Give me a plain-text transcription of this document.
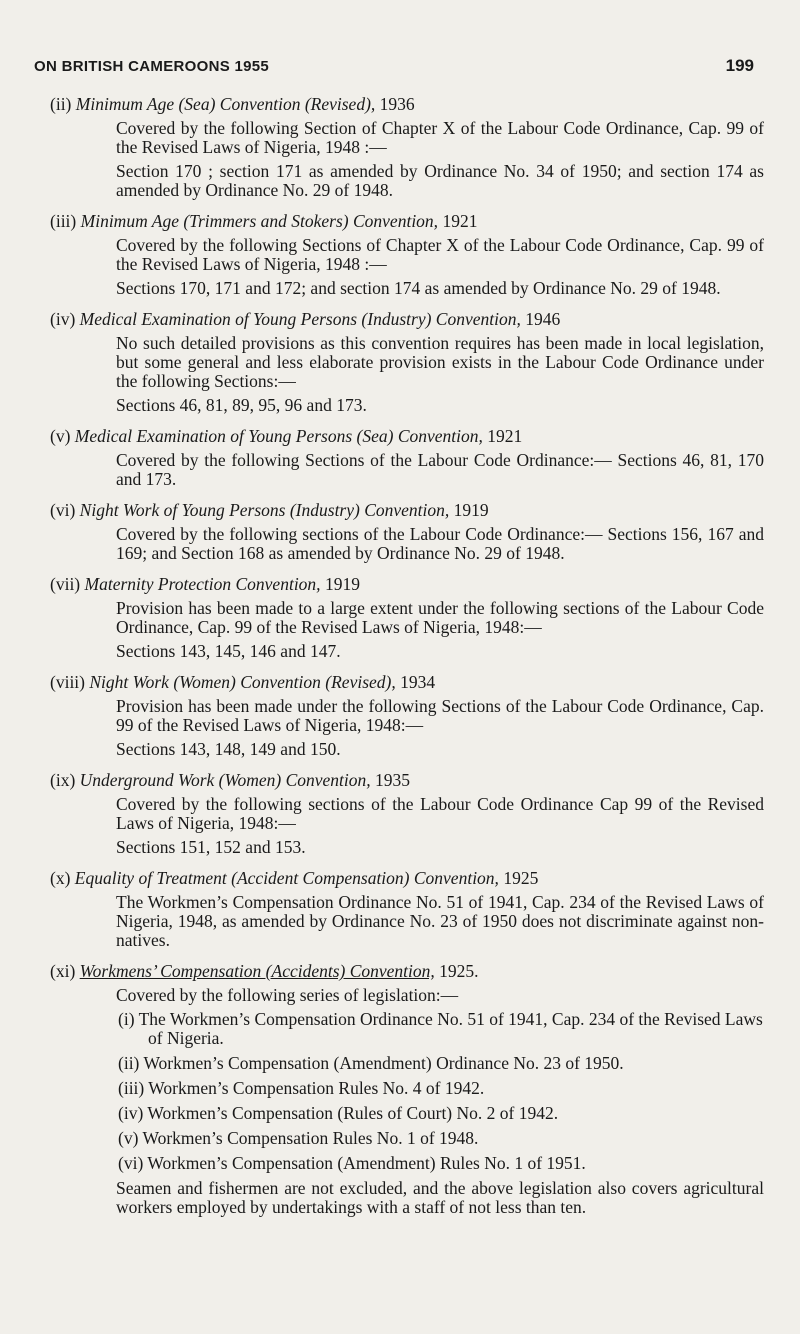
ON BRITISH CAMEROONS 1955	199
(ii) Minimum Age (Sea) Convention (Revised), 1936

Covered by the following Section of Chapter X of the Labour Code Ordinance, Cap. 99 of the Revised Laws of Nigeria, 1948 :—

Section 170 ; section 171 as amended by Ordinance No. 34 of 1950; and section 174 as amended by Ordinance No. 29 of 1948.

(iii) Minimum Age (Trimmers and Stokers) Convention, 1921

Covered by the following Sections of Chapter X of the Labour Code Ordinance, Cap. 99 of the Revised Laws of Nigeria, 1948 :—

Sections 170, 171 and 172; and section 174 as amended by Ordinance No. 29 of 1948.

(iv) Medical Examination of Young Persons (Industry) Convention, 1946

No such detailed provisions as this convention requires has been made in local legislation, but some general and less elaborate provision exists in the Labour Code Ordinance under the following Sections:—

Sections 46, 81, 89, 95, 96 and 173.

(v) Medical Examination of Young Persons (Sea) Convention, 1921

Covered by the following Sections of the Labour Code Ordinance:— Sections 46, 81, 170 and 173.

(vi) Night Work of Young Persons (Industry) Convention, 1919

Covered by the following sections of the Labour Code Ordinance:— Sections 156, 167 and 169; and Section 168 as amended by Ordinance No. 29 of 1948.

(vii) Maternity Protection Convention, 1919

Provision has been made to a large extent under the following sections of the Labour Code Ordinance, Cap. 99 of the Revised Laws of Nigeria, 1948:—

Sections 143, 145, 146 and 147.

(viii) Night Work (Women) Convention (Revised), 1934

Provision has been made under the following Sections of the Labour Code Ordinance, Cap. 99 of the Revised Laws of Nigeria, 1948:—

Sections 143, 148, 149 and 150.

(ix) Underground Work (Women) Convention, 1935

Covered by the following sections of the Labour Code Ordinance Cap 99 of the Revised Laws of Nigeria, 1948:—

Sections 151, 152 and 153.

(x) Equality of Treatment (Accident Compensation) Convention, 1925

The Workmen’s Compensation Ordinance No. 51 of 1941, Cap. 234 of the Revised Laws of Nigeria, 1948, as amended by Ordinance No. 23 of 1950 does not discriminate against non-natives.

(xi) Workmens’ Compensation (Accidents) Convention, 1925.

Covered by the following series of legislation:—

(i) The Workmen’s Compensation Ordinance No. 51 of 1941, Cap. 234 of the Revised Laws of Nigeria.

(ii) Workmen’s Compensation (Amendment) Ordinance No. 23 of 1950.

(iii) Workmen’s Compensation Rules No. 4 of 1942.

(iv) Workmen’s Compensation (Rules of Court) No. 2 of 1942.

(v) Workmen’s Compensation Rules No. 1 of 1948.

(vi) Workmen’s Compensation (Amendment) Rules No. 1 of 1951.

Seamen and fishermen are not excluded, and the above legislation also covers agricultural workers employed by undertakings with a staff of not less than ten.
